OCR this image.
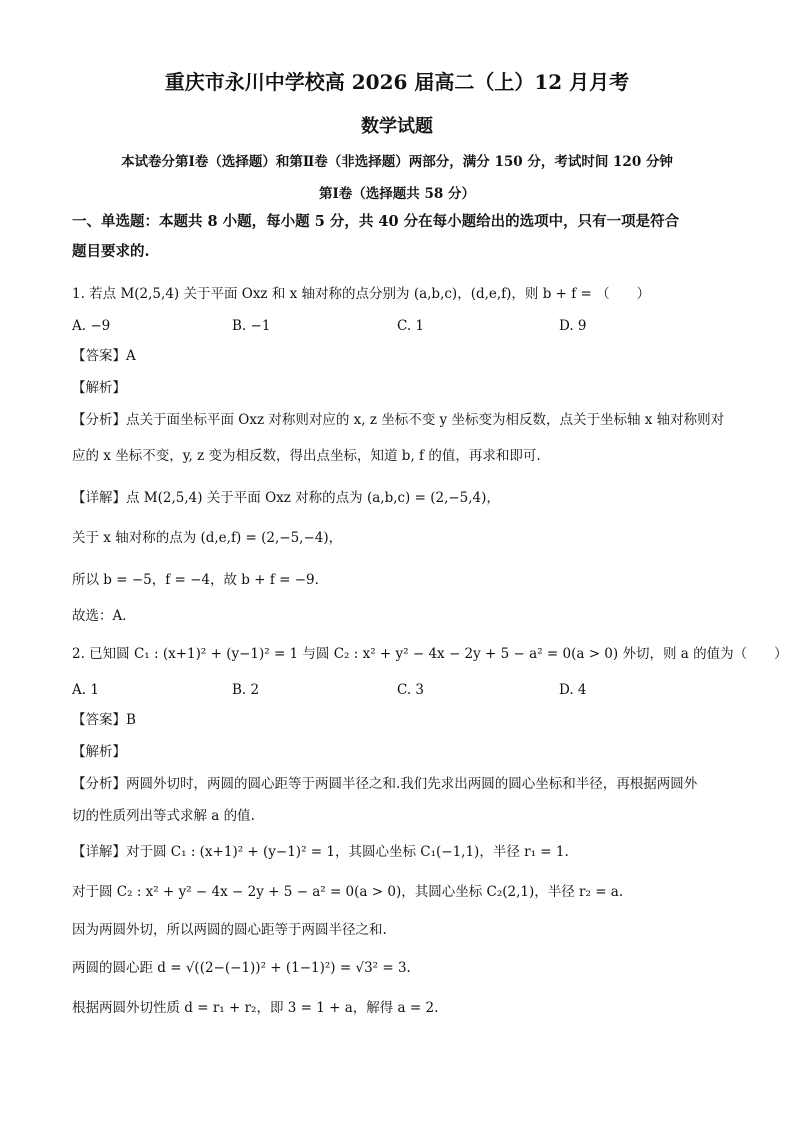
重庆市永川中学校高 2026 届高二（上）12 月月考
数学试题
本试卷分第Ⅰ卷（选择题）和第Ⅱ卷（非选择题）两部分，满分 150 分，考试时间 120 分钟
第Ⅰ卷（选择题共 58 分）
一、单选题：本题共 8 小题，每小题 5 分，共 40 分在每小题给出的选项中，只有一项是符合
题目要求的.
1. 若点 M(2,5,4) 关于平面 Oxz 和 x 轴对称的点分别为 (a,b,c)，(d,e,f)，则 b + f = （　　）
A. −9	B. −1	C. 1	D. 9
【答案】A
【解析】
【分析】点关于面坐标平面 Oxz 对称则对应的 x, z 坐标不变 y 坐标变为相反数，点关于坐标轴 x 轴对称则对
应的 x 坐标不变，y, z 变为相反数，得出点坐标，知道 b, f 的值，再求和即可.
【详解】点 M(2,5,4) 关于平面 Oxz 对称的点为 (a,b,c) = (2,−5,4)，
关于 x 轴对称的点为 (d,e,f) = (2,−5,−4)，
所以 b = −5，f = −4，故 b + f = −9．
故选：A．
2. 已知圆 C₁ : (x+1)² + (y−1)² = 1 与圆 C₂ : x² + y² − 4x − 2y + 5 − a² = 0(a > 0) 外切，则 a 的值为（　　）
A. 1	B. 2	C. 3	D. 4
【答案】B
【解析】
【分析】两圆外切时，两圆的圆心距等于两圆半径之和.我们先求出两圆的圆心坐标和半径，再根据两圆外
切的性质列出等式求解 a 的值.
【详解】对于圆 C₁ : (x+1)² + (y−1)² = 1，其圆心坐标 C₁(−1,1)，半径 r₁ = 1.
对于圆 C₂ : x² + y² − 4x − 2y + 5 − a² = 0(a > 0)，其圆心坐标 C₂(2,1)，半径 r₂ = a.
因为两圆外切，所以两圆的圆心距等于两圆半径之和.
两圆的圆心距 d = √((2−(−1))² + (1−1)²) = √3² = 3.
根据两圆外切性质 d = r₁ + r₂，即 3 = 1 + a，解得 a = 2.
